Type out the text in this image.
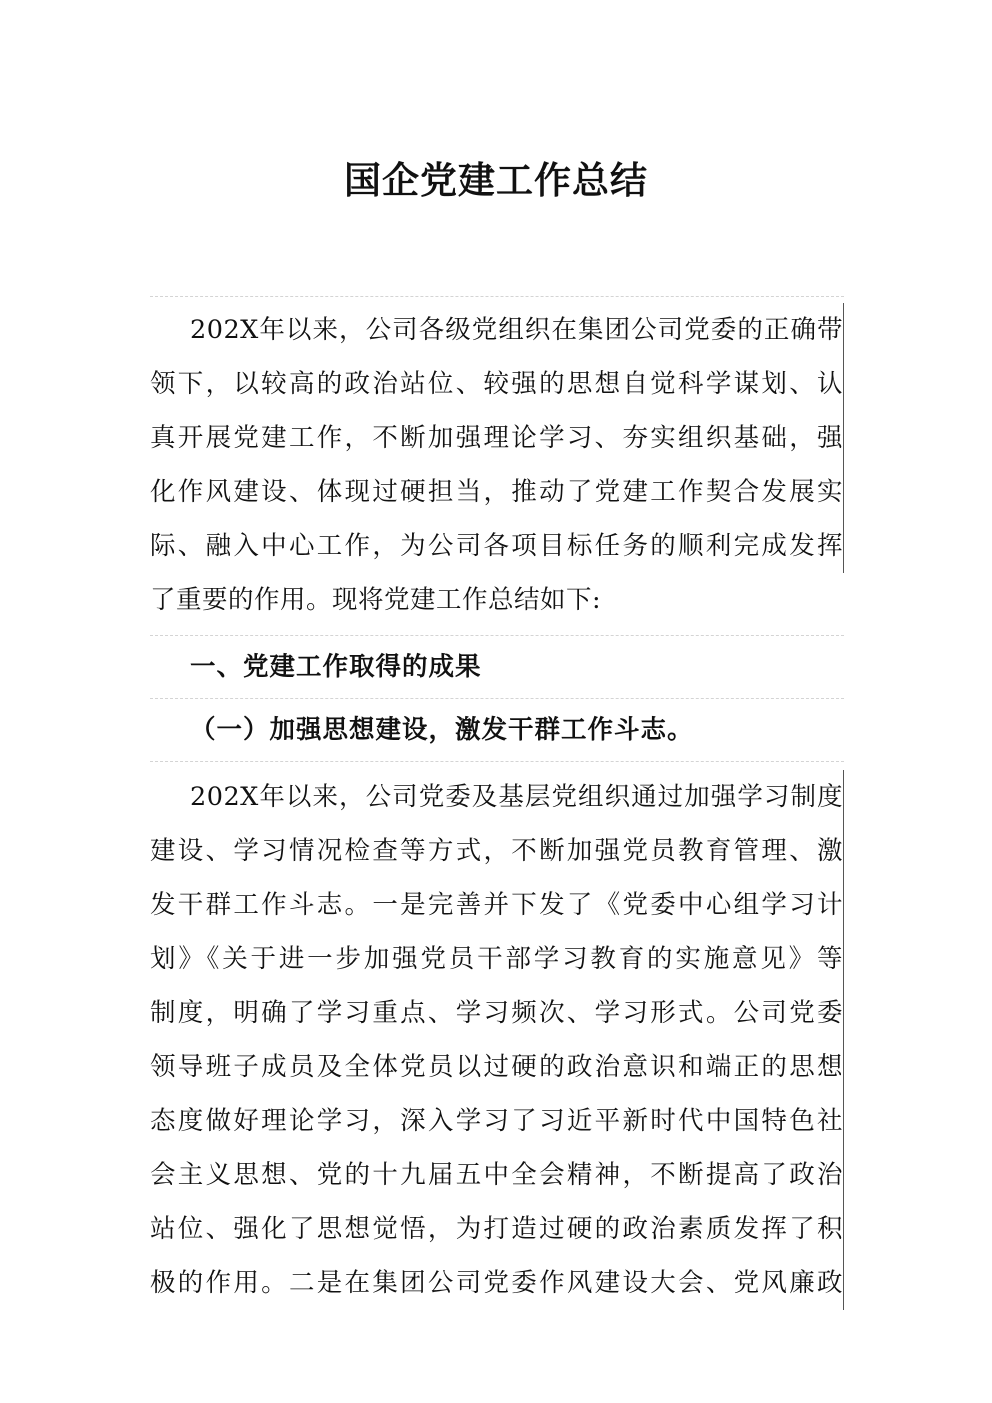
国企党建工作总结
202X年以来，公司各级党组织在集团公司党委的正确带
领下，以较高的政治站位、较强的思想自觉科学谋划、认
真开展党建工作，不断加强理论学习、夯实组织基础，强
化作风建设、体现过硬担当，推动了党建工作契合发展实
际、融入中心工作，为公司各项目标任务的顺利完成发挥
了重要的作用。现将党建工作总结如下:
一、党建工作取得的成果
（一）加强思想建设，激发干群工作斗志。
202X年以来，公司党委及基层党组织通过加强学习制度
建设、学习情况检查等方式，不断加强党员教育管理、激
发干群工作斗志。一是完善并下发了《党委中心组学习计
划》《关于进一步加强党员干部学习教育的实施意见》等
制度，明确了学习重点、学习频次、学习形式。公司党委
领导班子成员及全体党员以过硬的政治意识和端正的思想
态度做好理论学习，深入学习了习近平新时代中国特色社
会主义思想、党的十九届五中全会精神，不断提高了政治
站位、强化了思想觉悟，为打造过硬的政治素质发挥了积
极的作用。二是在集团公司党委作风建设大会、党风廉政
